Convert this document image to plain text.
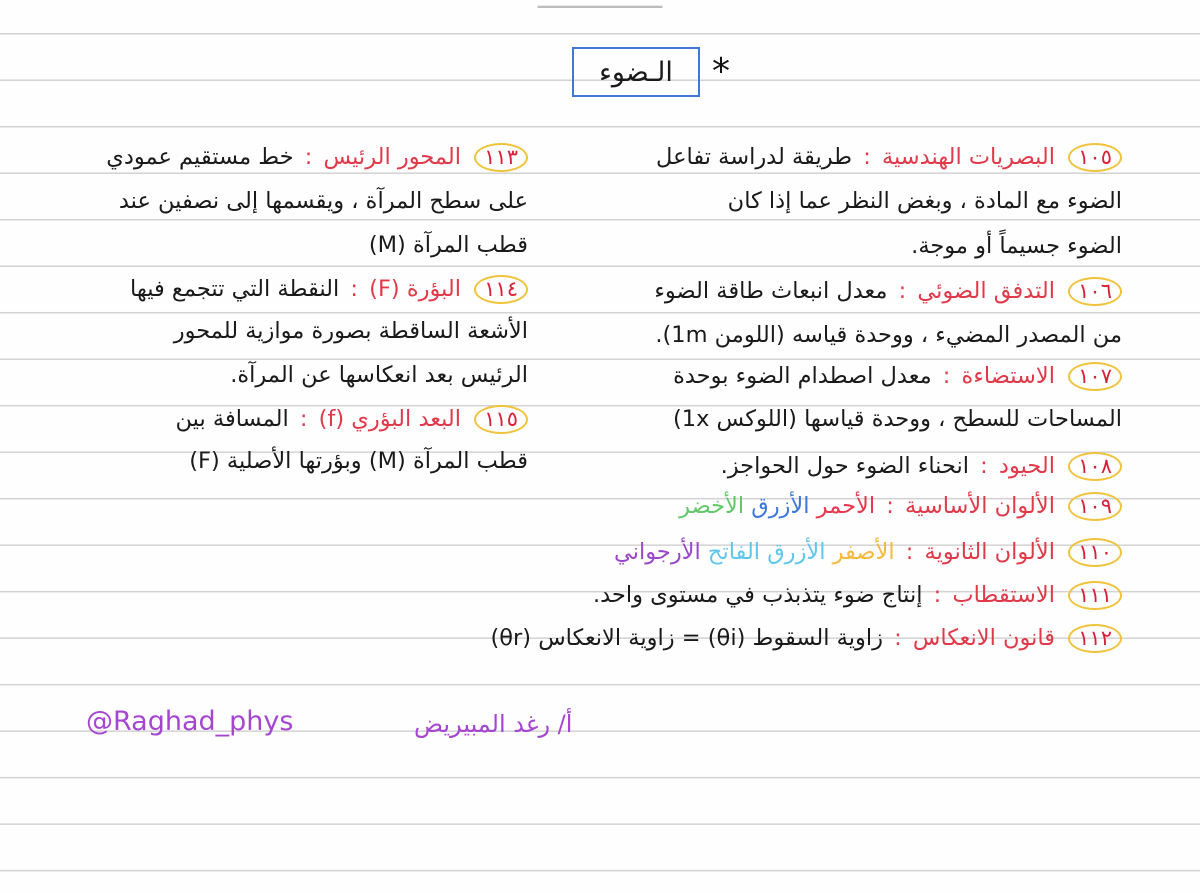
الـضوء *
١٠٥ البصريات الهندسية : طريقة لدراسة تفاعل
الضوء مع المادة ، وبغض النظر عما إذا كان
الضوء جسيماً أو موجة.
١٠٦ التدفق الضوئي : معدل انبعاث طاقة الضوء
من المصدر المضيء ، ووحدة قياسه (اللومن 1m).
١٠٧ الاستضاءة : معدل اصطدام الضوء بوحدة
المساحات للسطح ، ووحدة قياسها (اللوكس 1x)
١٠٨ الحيود : انحناء الضوء حول الحواجز.
١٠٩ الألوان الأساسية : الأحمر الأزرق الأخضر
١١٠ الألوان الثانوية : الأصفر الأزرق الفاتح الأرجواني
١١١ الاستقطاب : إنتاج ضوء يتذبذب في مستوى واحد.
١١٢ قانون الانعكاس : زاوية السقوط (θi) = زاوية الانعكاس (θr)
١١٣ المحور الرئيس : خط مستقيم عمودي
على سطح المرآة ، ويقسمها إلى نصفين عند
قطب المرآة (M)
١١٤ البؤرة (F) : النقطة التي تتجمع فيها
الأشعة الساقطة بصورة موازية للمحور
الرئيس بعد انعكاسها عن المرآة.
١١٥ البعد البؤري (f) : المسافة بين
قطب المرآة (M) وبؤرتها الأصلية (F)
@Raghad_phys	أ/ رغد المبيريض
